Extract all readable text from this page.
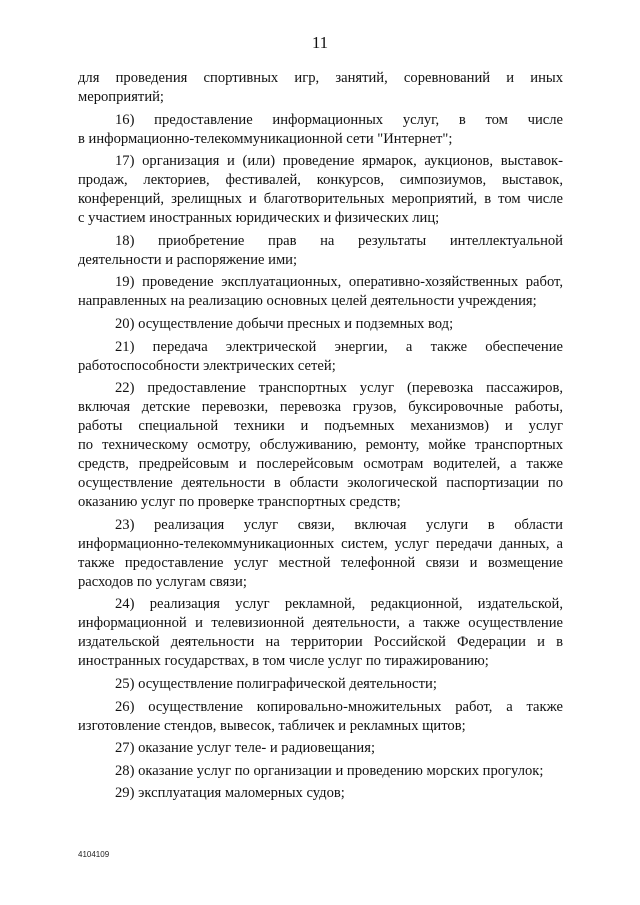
11

для проведения спортивных игр, занятий, соревнований и иных
мероприятий;

16) предоставление информационных услуг, в том числе
в информационно-телекоммуникационной сети "Интернет";

17) организация и (или) проведение ярмарок, аукционов, выставок-
продаж, лекториев, фестивалей, конкурсов, симпозиумов, выставок,
конференций, зрелищных и благотворительных мероприятий, в том числе
с участием иностранных юридических и физических лиц;

18) приобретение прав на результаты интеллектуальной
деятельности и распоряжение ими;

19) проведение эксплуатационных, оперативно-хозяйственных работ,
направленных на реализацию основных целей деятельности учреждения;

20) осуществление добычи пресных и подземных вод;

21) передача электрической энергии, а также обеспечение
работоспособности электрических сетей;

22) предоставление транспортных услуг (перевозка пассажиров,
включая детские перевозки, перевозка грузов, буксировочные работы,
работы специальной техники и подъемных механизмов) и услуг
по техническому осмотру, обслуживанию, ремонту, мойке транспортных
средств, предрейсовым и послерейсовым осмотрам водителей, а также
осуществление деятельности в области экологической паспортизации по
оказанию услуг по проверке транспортных средств;

23) реализация услуг связи, включая услуги в области
информационно-телекоммуникационных систем, услуг передачи данных, а
также предоставление услуг местной телефонной связи и возмещение
расходов по услугам связи;

24) реализация услуг рекламной, редакционной, издательской,
информационной и телевизионной деятельности, а также осуществление
издательской деятельности на территории Российской Федерации и в
иностранных государствах, в том числе услуг по тиражированию;

25) осуществление полиграфической деятельности;

26) осуществление копировально-множительных работ, а также
изготовление стендов, вывесок, табличек и рекламных щитов;

27) оказание услуг теле- и радиовещания;

28) оказание услуг по организации и проведению морских прогулок;

29) эксплуатация маломерных судов;

4104109
